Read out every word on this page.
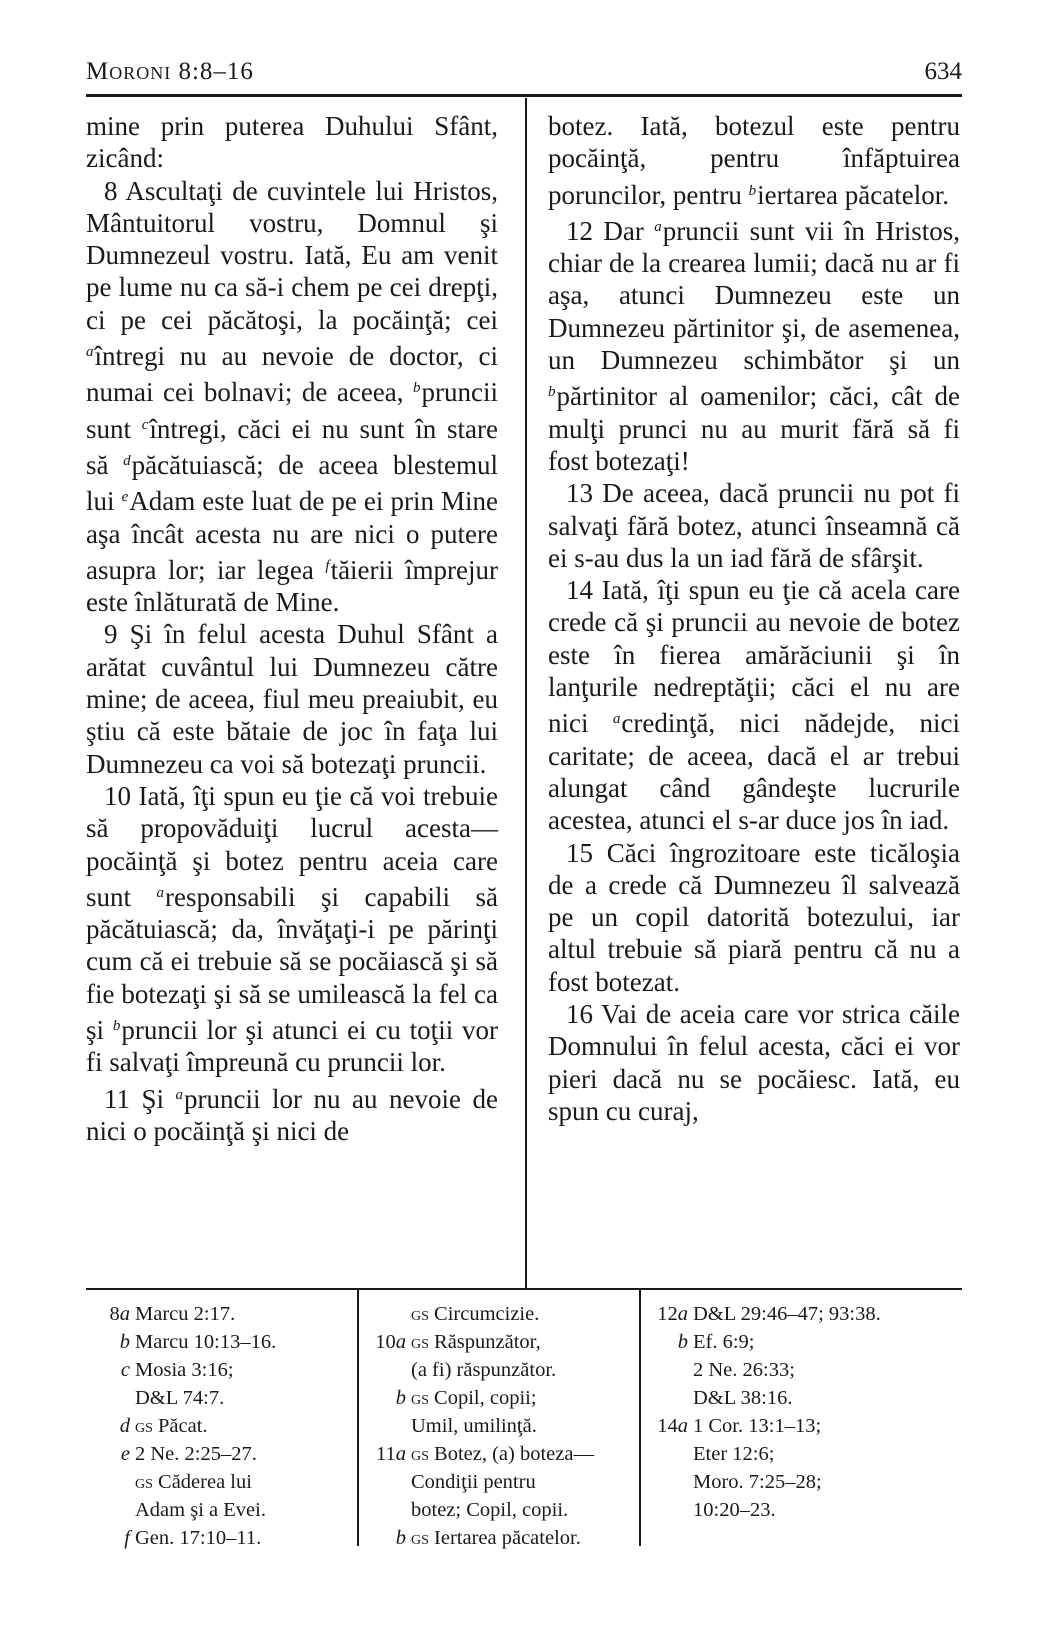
Moroni 8:8–16	634

mine prin puterea Duhului Sfânt, zicând:

8 Ascultaţi de cuvintele lui Hristos, Mântuitorul vostru, Domnul şi Dumnezeul vostru. Iată, Eu am venit pe lume nu ca să-i chem pe cei drepţi, ci pe cei păcătoşi, la pocăinţă; cei $^a$întregi nu au nevoie de doctor, ci numai cei bolnavi; de aceea, $^b$pruncii sunt $^c$întregi, căci ei nu sunt în stare să $^d$păcătuiască; de aceea blestemul lui $^e$Adam este luat de pe ei prin Mine aşa încât acesta nu are nici o putere asupra lor; iar legea $^f$tăierii împrejur este înlăturată de Mine.

9 Şi în felul acesta Duhul Sfânt a arătat cuvântul lui Dumnezeu către mine; de aceea, fiul meu preaiubit, eu ştiu că este bătaie de joc în faţa lui Dumnezeu ca voi să botezaţi pruncii.

10 Iată, îţi spun eu ţie că voi trebuie să propovăduiţi lucrul acesta—pocăinţă şi botez pentru aceia care sunt $^a$responsabili şi capabili să păcătuiască; da, învăţaţi-i pe părinţi cum că ei trebuie să se pocăiască şi să fie botezaţi şi să se umilească la fel ca şi $^b$pruncii lor şi atunci ei cu toţii vor fi salvaţi împreună cu pruncii lor.

11 Şi $^a$pruncii lor nu au nevoie de nici o pocăinţă şi nici de

botez. Iată, botezul este pentru pocăinţă, pentru înfăptuirea poruncilor, pentru $^b$iertarea păcatelor.

12 Dar $^a$pruncii sunt vii în Hristos, chiar de la crearea lumii; dacă nu ar fi aşa, atunci Dumnezeu este un Dumnezeu părtinitor şi, de asemenea, un Dumnezeu schimbător şi un $^b$părtinitor al oamenilor; căci, cât de mulţi prunci nu au murit fără să fi fost botezaţi!

13 De aceea, dacă pruncii nu pot fi salvaţi fără botez, atunci înseamnă că ei s-au dus la un iad fără de sfârşit.

14 Iată, îţi spun eu ţie că acela care crede că şi pruncii au nevoie de botez este în fierea amărăciunii şi în lanţurile nedreptăţii; căci el nu are nici $^a$credinţă, nici nădejde, nici caritate; de aceea, dacă el ar trebui alungat când gândeşte lucrurile acestea, atunci el s-ar duce jos în iad.

15 Căci îngrozitoare este ticăloşia de a crede că Dumnezeu îl salvează pe un copil datorită botezului, iar altul trebuie să piară pentru că nu a fost botezat.

16 Vai de aceia care vor strica căile Domnului în felul acesta, căci ei vor pieri dacă nu se pocăiesc. Iată, eu spun cu curaj,

8a Marcu 2:17.
b Marcu 10:13–16.
c Mosia 3:16;
D&L 74:7.
d gs Păcat.
e 2 Ne. 2:25–27.
gs Căderea lui
Adam şi a Evei.
f Gen. 17:10–11.
gs Circumcizie.
10a gs Răspunzător,
(a fi) răspunzător.
b gs Copil, copii;
Umil, umilinţă.
11a gs Botez, (a) boteza—
Condiţii pentru
botez; Copil, copii.
b gs Iertarea păcatelor.
12a D&L 29:46–47; 93:38.
b Ef. 6:9;
2 Ne. 26:33;
D&L 38:16.
14a 1 Cor. 13:1–13;
Eter 12:6;
Moro. 7:25–28;
10:20–23.
